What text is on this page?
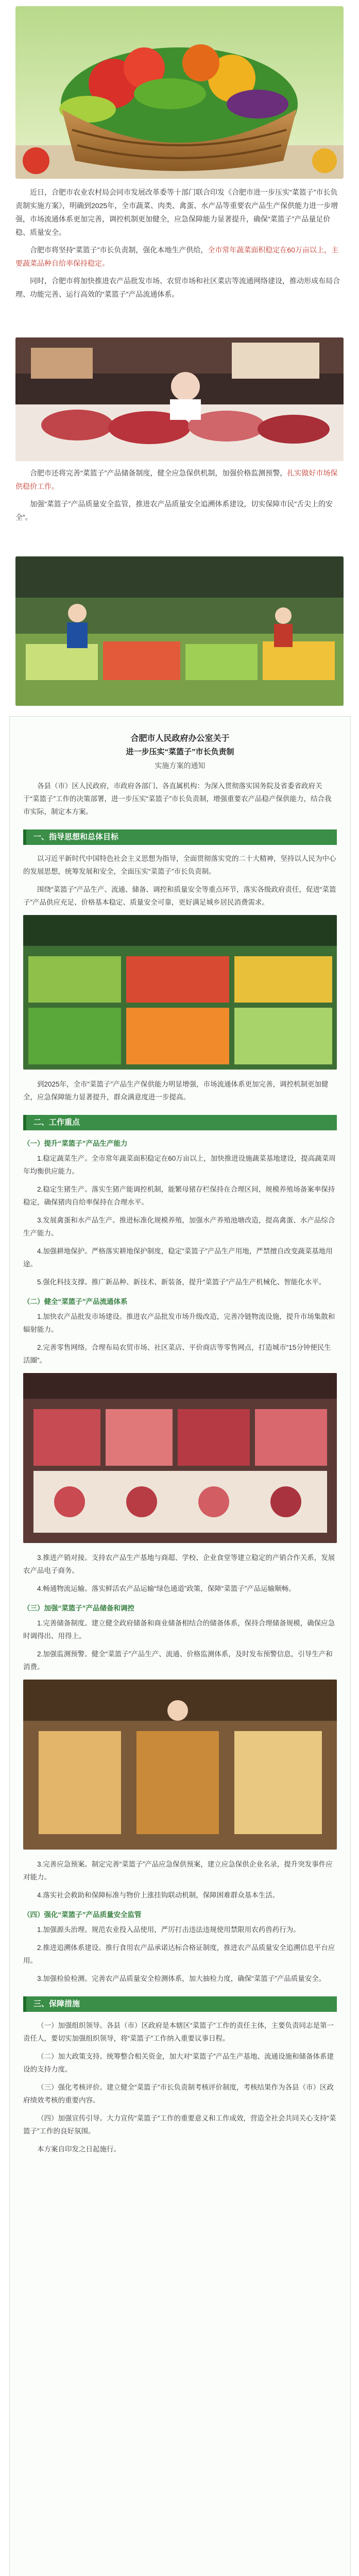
近日，合肥市农业农村局会同市发展改革委等十部门联合印发《合肥市进一步压实“菜篮子”市长负责制实施方案》，明确到2025年，全市蔬菜、肉类、禽蛋、水产品等重要农产品生产保供能力进一步增强，市场流通体系更加完善，调控机制更加健全，应急保障能力显著提升，确保“菜篮子”产品量足价稳、质量安全。

合肥市将坚持“菜篮子”市长负责制，强化本地生产供给，全市常年蔬菜面积稳定在60万亩以上，主要蔬菜品种自给率保持稳定。

同时，合肥市将加快推进农产品批发市场、农贸市场和社区菜店等流通网络建设，推动形成布局合理、功能完善、运行高效的“菜篮子”产品流通体系。

合肥市还将完善“菜篮子”产品储备制度，健全应急保供机制，加强价格监测预警，扎实做好市场保供稳价工作。

加强“菜篮子”产品质量安全监管，推进农产品质量安全追溯体系建设，切实保障市民“舌尖上的安全”。

合肥市人民政府办公室关于
进一步压实“菜篮子”市长负责制
实施方案的通知

各县（市）区人民政府，市政府各部门、各直属机构：为深入贯彻落实国务院及省委省政府关于“菜篮子”工作的决策部署，进一步压实“菜篮子”市长负责制，增强重要农产品稳产保供能力，结合我市实际，制定本方案。

一、指导思想和总体目标

以习近平新时代中国特色社会主义思想为指导，全面贯彻落实党的二十大精神，坚持以人民为中心的发展思想，统筹发展和安全，全面压实“菜篮子”市长负责制。

围绕“菜篮子”产品生产、流通、储备、调控和质量安全等重点环节，落实各级政府责任，促进“菜篮子”产品供应充足、价格基本稳定、质量安全可靠，更好满足城乡居民消费需求。

到2025年，全市“菜篮子”产品生产保供能力明显增强，市场流通体系更加完善，调控机制更加健全，应急保障能力显著提升，群众满意度进一步提高。

二、工作重点
（一）提升“菜篮子”产品生产能力

1.稳定蔬菜生产。全市常年蔬菜面积稳定在60万亩以上，加快推进设施蔬菜基地建设，提高蔬菜周年均衡供应能力。

2.稳定生猪生产。落实生猪产能调控机制，能繁母猪存栏保持在合理区间，规模养殖场备案率保持稳定，确保猪肉自给率保持在合理水平。

3.发展禽蛋和水产品生产。推进标准化规模养殖，加强水产养殖池塘改造，提高禽蛋、水产品综合生产能力。

4.加强耕地保护。严格落实耕地保护制度，稳定“菜篮子”产品生产用地，严禁擅自改变蔬菜基地用途。

5.强化科技支撑。推广新品种、新技术、新装备，提升“菜篮子”产品生产机械化、智能化水平。

（二）健全“菜篮子”产品流通体系

1.加快农产品批发市场建设。推进农产品批发市场升级改造，完善冷链物流设施，提升市场集散和辐射能力。

2.完善零售网络。合理布局农贸市场、社区菜店、平价商店等零售网点，打造城市“15分钟便民生活圈”。

3.推进产销对接。支持农产品生产基地与商超、学校、企业食堂等建立稳定的产销合作关系，发展农产品电子商务。

4.畅通物流运输。落实鲜活农产品运输“绿色通道”政策，保障“菜篮子”产品运输顺畅。

（三）加强“菜篮子”产品储备和调控

1.完善储备制度。建立健全政府储备和商业储备相结合的储备体系，保持合理储备规模，确保应急时调得出、用得上。

2.加强监测预警。健全“菜篮子”产品生产、流通、价格监测体系，及时发布预警信息，引导生产和消费。

3.完善应急预案。制定完善“菜篮子”产品应急保供预案，建立应急保供企业名录，提升突发事件应对能力。

4.落实社会救助和保障标准与物价上涨挂钩联动机制，保障困难群众基本生活。

（四）强化“菜篮子”产品质量安全监管

1.加强源头治理。规范农业投入品使用，严厉打击违法违规使用禁限用农药兽药行为。

2.推进追溯体系建设。推行食用农产品承诺达标合格证制度，推进农产品质量安全追溯信息平台应用。

3.加强检验检测。完善农产品质量安全检测体系，加大抽检力度，确保“菜篮子”产品质量安全。

三、保障措施

（一）加强组织领导。各县（市）区政府是本辖区“菜篮子”工作的责任主体，主要负责同志是第一责任人，要切实加强组织领导，将“菜篮子”工作纳入重要议事日程。

（二）加大政策支持。统筹整合相关资金，加大对“菜篮子”产品生产基地、流通设施和储备体系建设的支持力度。

（三）强化考核评价。建立健全“菜篮子”市长负责制考核评价制度，考核结果作为各县（市）区政府绩效考核的重要内容。

（四）加强宣传引导。大力宣传“菜篮子”工作的重要意义和工作成效，营造全社会共同关心支持“菜篮子”工作的良好氛围。

本方案自印发之日起施行。
